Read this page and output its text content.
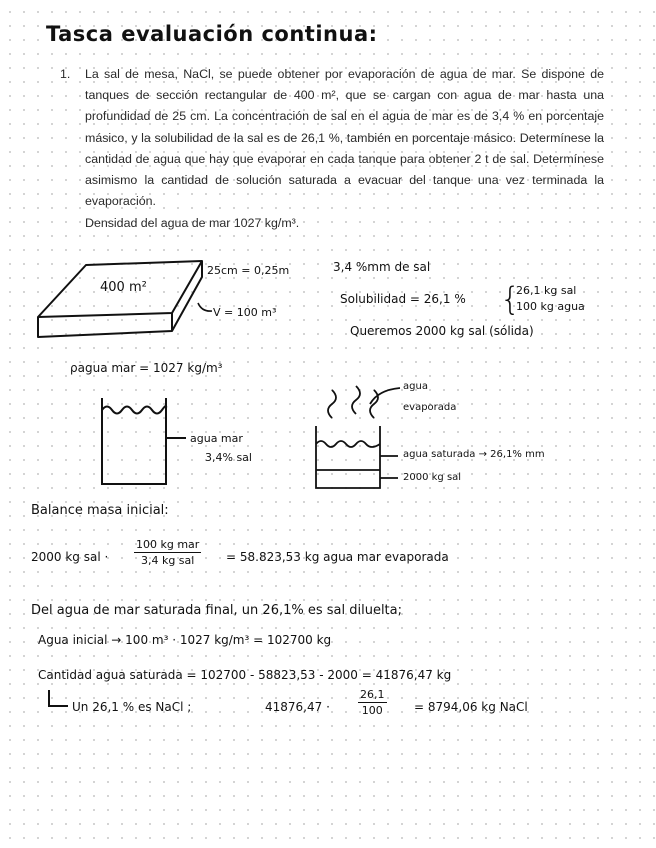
Tasca evaluación continua:
1. La sal de mesa, NaCl, se puede obtener por evaporación de agua de mar. Se dispone de tanques de sección rectangular de 400 m², que se cargan con agua de mar hasta una profundidad de 25 cm. La concentración de sal en el agua de mar es de 3,4 % en porcentaje másico, y la solubilidad de la sal es de 26,1 %, también en porcentaje másico. Determínese la cantidad de agua que hay que evaporar en cada tanque para obtener 2 t de sal. Determínese asimismo la cantidad de solución saturada a evacuar del tanque una vez terminada la evaporación.
Densidad del agua de mar 1027 kg/m³.
400 m²
25cm = 0,25m
V = 100 m³
3,4 %mm de sal
Solubilidad = 26,1 % {
26,1 kg sal
100 kg agua
Queremos 2000 kg sal (sólida)
ρagua mar = 1027 kg/m³
agua mar
3,4% sal
agua
evaporada
agua saturada → 26,1% mm
2000 kg sal
Balance masa inicial:
2000 kg sal ·
100 kg mar
3,4 kg sal	= 58.823,53 kg agua mar evaporada
Del agua de mar saturada final, un 26,1% es sal diluelta;
Agua inicial → 100 m³ · 1027 kg/m³ = 102700 kg
Cantidad agua saturada = 102700 - 58823,53 - 2000 = 41876,47 kg
Un 26,1 % es NaCl ;	41876,47 ·	$\frac{26,1}{100} = 8794,06$ kg NaCl
